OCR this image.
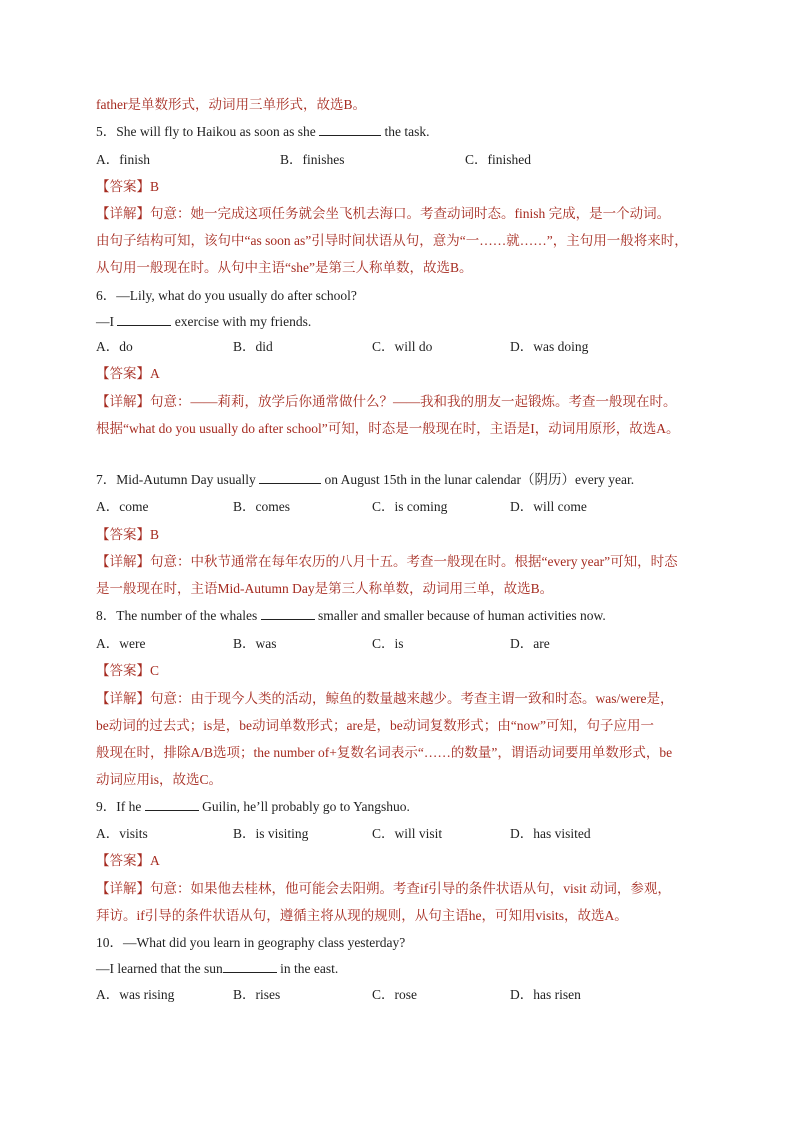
father是单数形式，动词用三单形式，故选B。
5．She will fly to Haikou as soon as she	the task.
A．finish	B．finishes	C．finished
【答案】B
【详解】句意：她一完成这项任务就会坐飞机去海口。考查动词时态。finish 完成，是一个动词。
由句子结构可知，该句中“as soon as”引导时间状语从句，意为“一……就……”，主句用一般将来时，
从句用一般现在时。从句中主语“she”是第三人称单数，故选B。
6．—Lily, what do you usually do after school?
—I	exercise with my friends.
A．do	B．did	C．will do	D．was doing
【答案】A
【详解】句意：——莉莉，放学后你通常做什么？——我和我的朋友一起锻炼。考查一般现在时。
根据“what do you usually do after school”可知，时态是一般现在时，主语是I，动词用原形，故选A。
7．Mid-Autumn Day usually	on August 15th in the lunar calendar（阴历）every year.
A．come	B．comes	C．is coming	D．will come
【答案】B
【详解】句意：中秋节通常在每年农历的八月十五。考查一般现在时。根据“every year”可知，时态
是一般现在时，主语Mid-Autumn Day是第三人称单数，动词用三单，故选B。
8．The number of the whales	smaller and smaller because of human activities now.
A．were	B．was	C．is	D．are
【答案】C
【详解】句意：由于现今人类的活动，鲸鱼的数量越来越少。考查主谓一致和时态。was/were是，
be动词的过去式；is是，be动词单数形式；are是，be动词复数形式；由“now”可知，句子应用一
般现在时，排除A/B选项；the number of+复数名词表示“……的数量”，谓语动词要用单数形式，be
动词应用is，故选C。
9．If he	Guilin, he’ll probably go to Yangshuo.
A．visits	B．is visiting	C．will visit	D．has visited
【答案】A
【详解】句意：如果他去桂林，他可能会去阳朔。考查if引导的条件状语从句，visit 动词，参观，
拜访。if引导的条件状语从句，遵循主将从现的规则，从句主语he，可知用visits，故选A。
10．—What did you learn in geography class yesterday?
—I learned that the sun	in the east.
A．was rising	B．rises	C．rose	D．has risen
